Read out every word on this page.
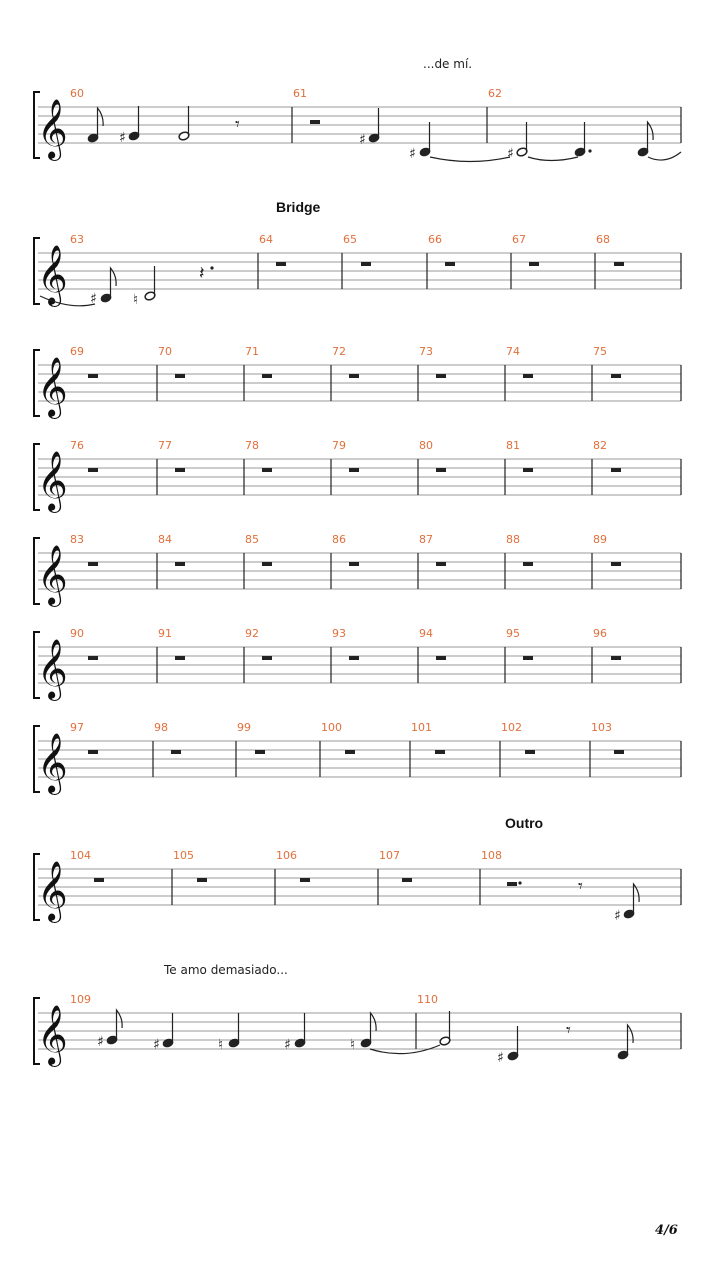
...de mí.
Bridge
Outro
Te amo demasiado...
𝄞
60	61	62
♯
𝄾
♯
♯	♯
𝄞
63	64	65	66	67	68
♯	♮
𝄽
𝄞
69	70	71	72	73	74	75
𝄞
76	77	78	79	80	81	82
𝄞
83	84	85	86	87	88	89
𝄞
90	91	92	93	94	95	96
𝄞
97	98	99	100	101	102	103
𝄞
104	105	106	107	108
𝄾
♯
𝄞
109	110
♯	♯	♮	♯	♮
♯
𝄾
4/6
